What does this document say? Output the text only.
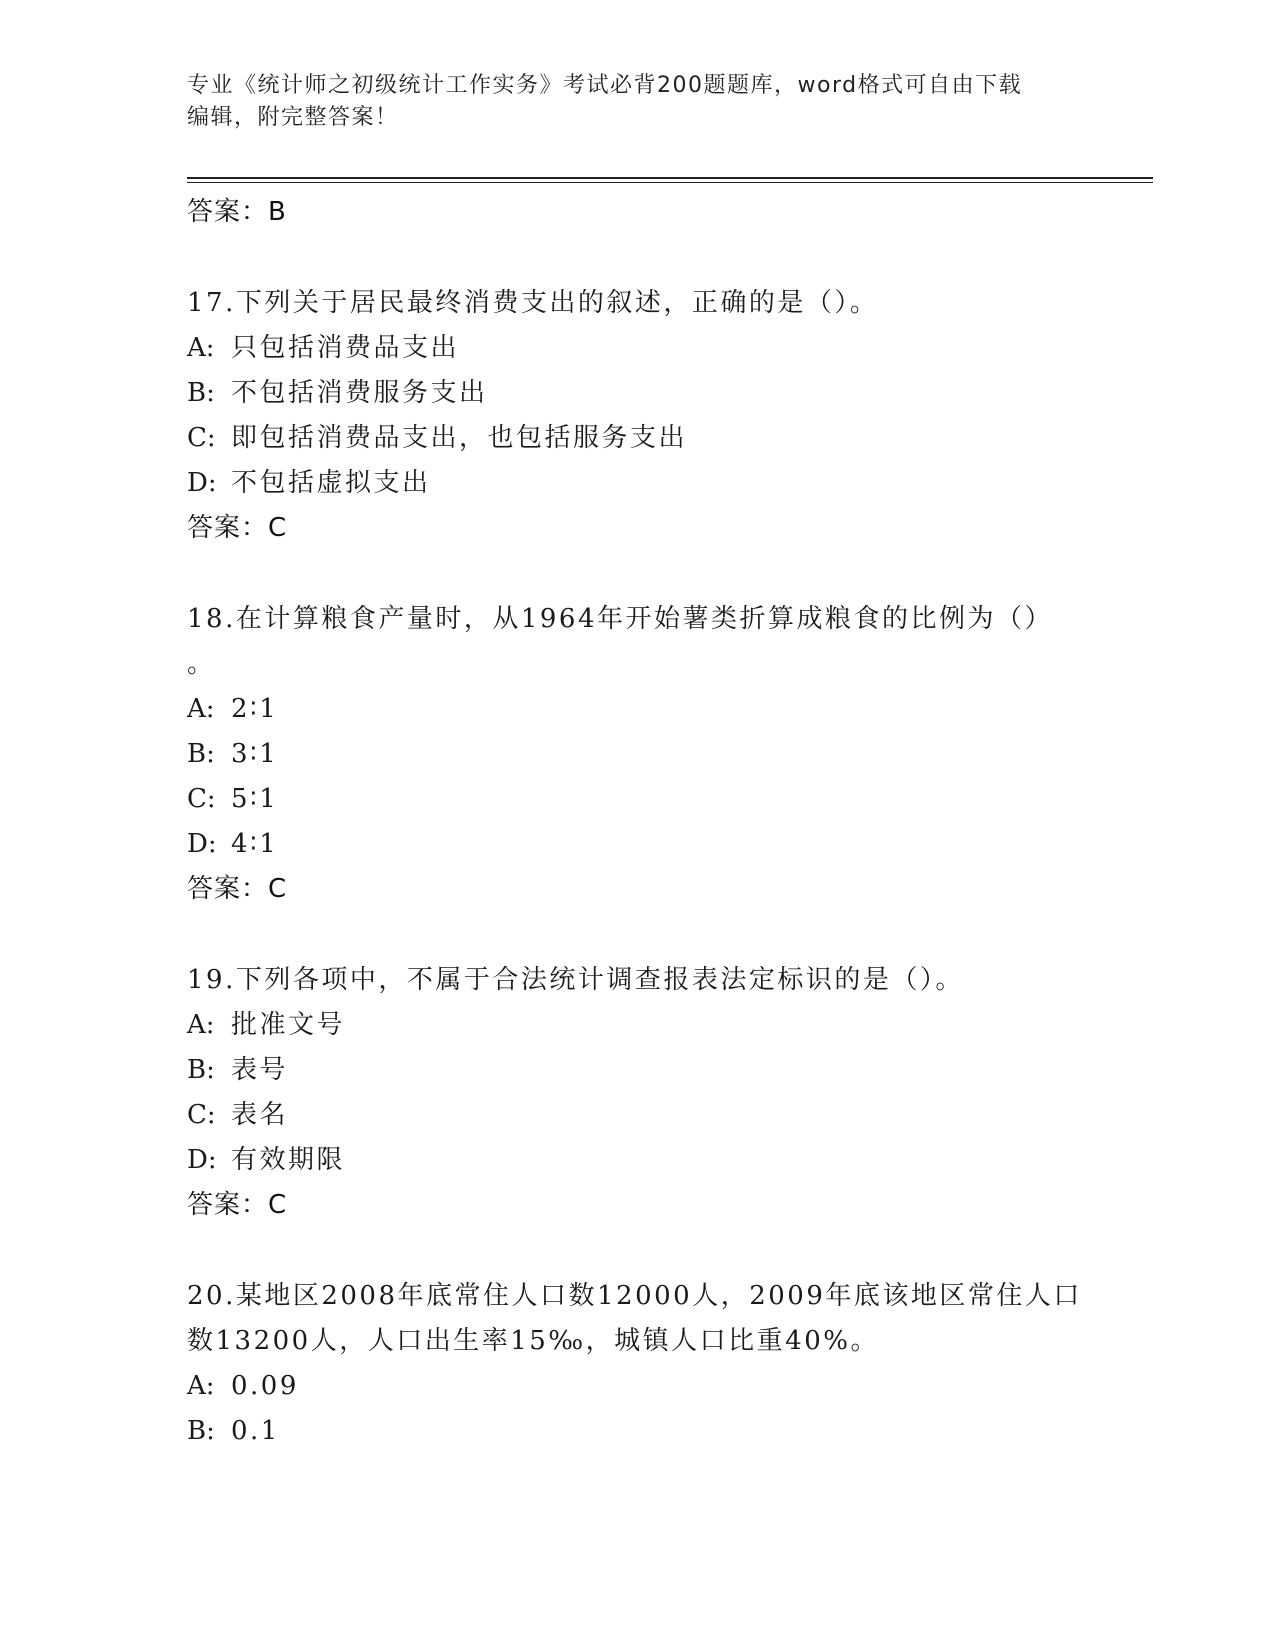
专业《统计师之初级统计工作实务》考试必背200题题库，word格式可自由下载
编辑，附完整答案！
答案：B
17.下列关于居民最终消费支出的叙述，正确的是（）。
A: 只包括消费品支出
B: 不包括消费服务支出
C: 即包括消费品支出，也包括服务支出
D: 不包括虚拟支出
答案：C
18.在计算粮食产量时，从1964年开始薯类折算成粮食的比例为（）
。
A: 2∶1
B: 3∶1
C: 5∶1
D: 4∶1
答案：C
19.下列各项中，不属于合法统计调查报表法定标识的是（）。
A: 批准文号
B: 表号
C: 表名
D: 有效期限
答案：C
20.某地区2008年底常住人口数12000人，2009年底该地区常住人口
数13200人，人口出生率15‰，城镇人口比重40%。
A: 0.09
B: 0.1
